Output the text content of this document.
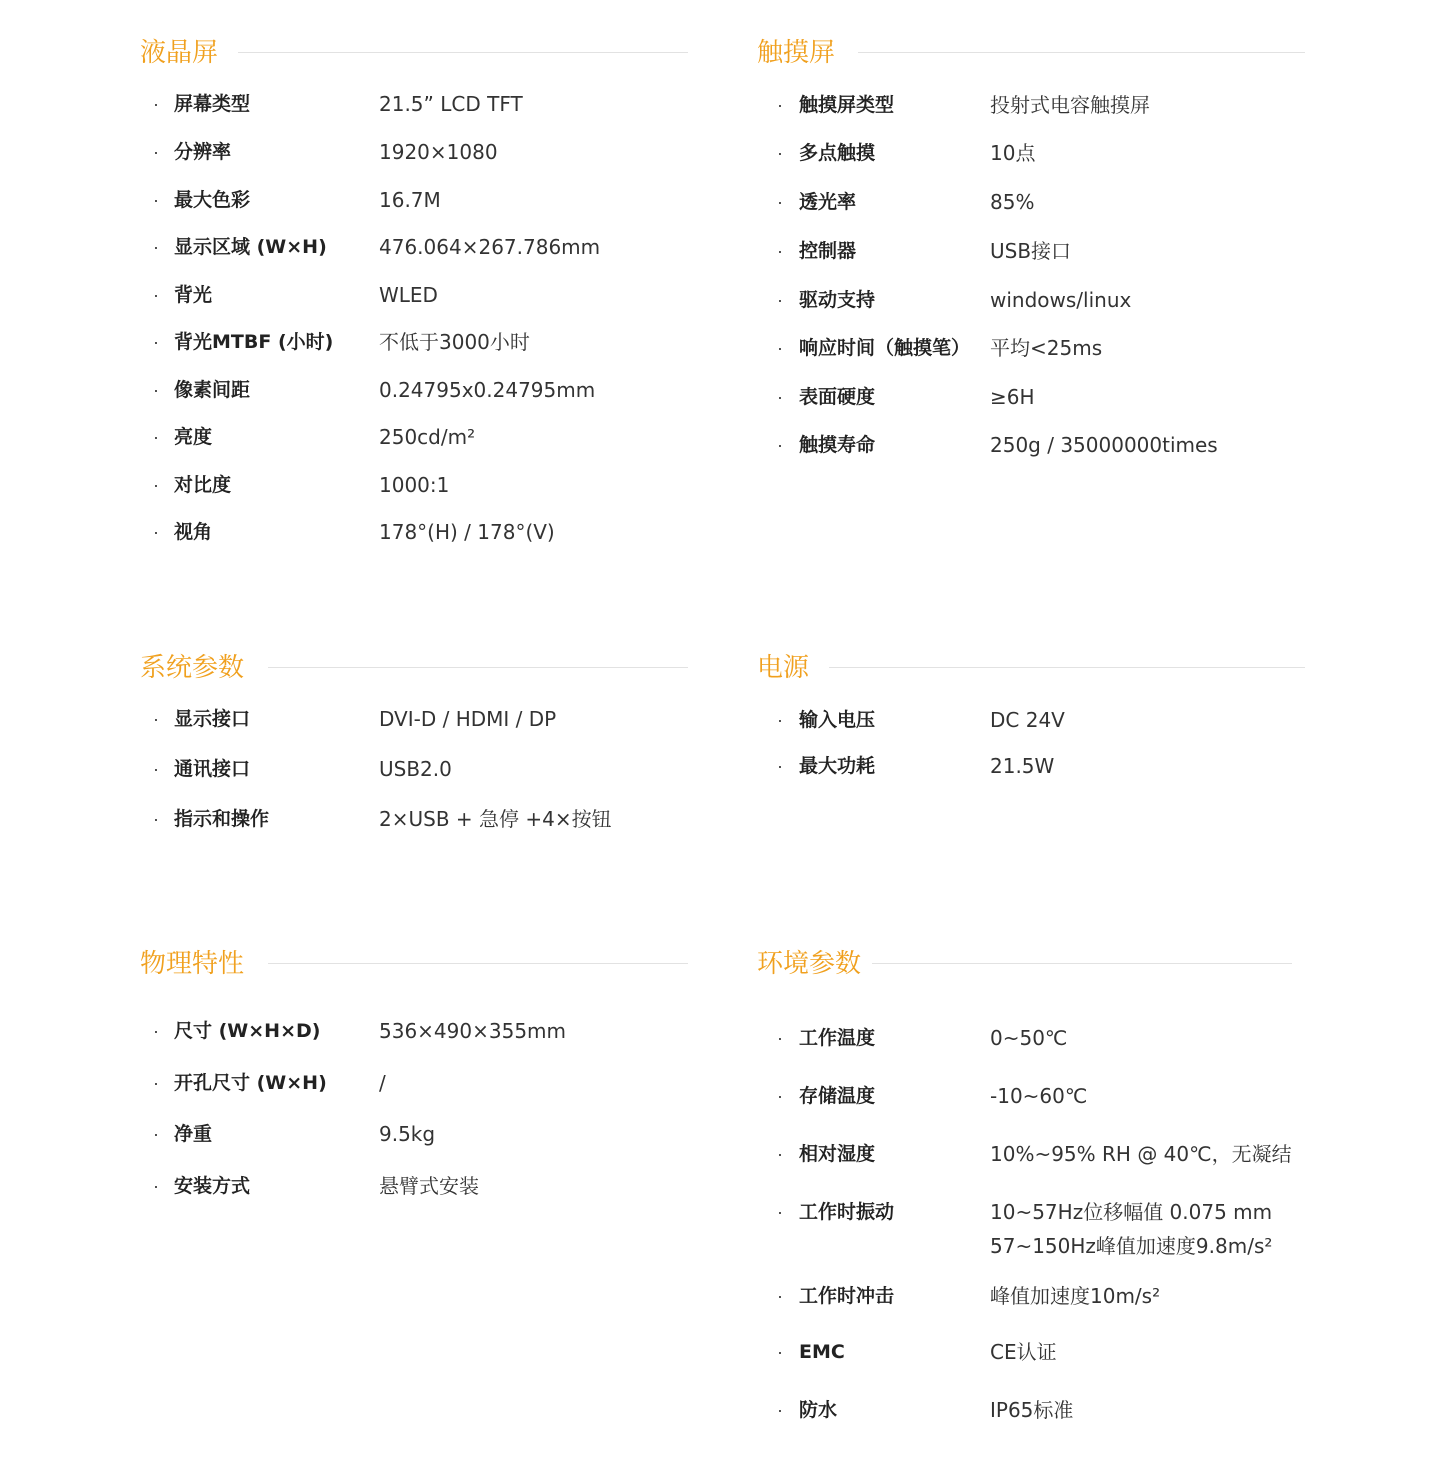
液晶屏
· 屏幕类型	21.5” LCD TFT
· 分辨率	1920×1080
· 最大色彩	16.7M
· 显示区域 (W×H)	476.064×267.786mm
· 背光	WLED
· 背光MTBF (小时) 不低于3000小时
· 像素间距	0.24795x0.24795mm
· 亮度	250cd/m²
· 对比度	1000:1
· 视角	178°(H) / 178°(V)
触摸屏
· 触摸屏类型	投射式电容触摸屏
· 多点触摸	10点
· 透光率	85%
· 控制器	USB接口
· 驱动支持	windows/linux
· 响应时间（触摸笔） 平均<25ms
· 表面硬度	≥6H
· 触摸寿命	250g / 35000000times
系统参数
· 显示接口	DVI-D / HDMI / DP
· 通讯接口	USB2.0
· 指示和操作	2×USB + 急停 +4×按钮
电源
· 输入电压	DC 24V
· 最大功耗	21.5W
物理特性
· 尺寸 (W×H×D)	536×490×355mm
· 开孔尺寸 (W×H)	/
· 净重	9.5kg
· 安装方式	悬臂式安装
环境参数
· 工作温度	0~50℃
· 存储温度	-10~60℃
· 相对湿度	10%~95% RH @ 40℃，无凝结
· 工作时振动	10~57Hz位移幅值 0.075 mm
57~150Hz峰值加速度9.8m/s²
· 工作时冲击	峰值加速度10m/s²
· EMC	CE认证
· 防水	IP65标准
